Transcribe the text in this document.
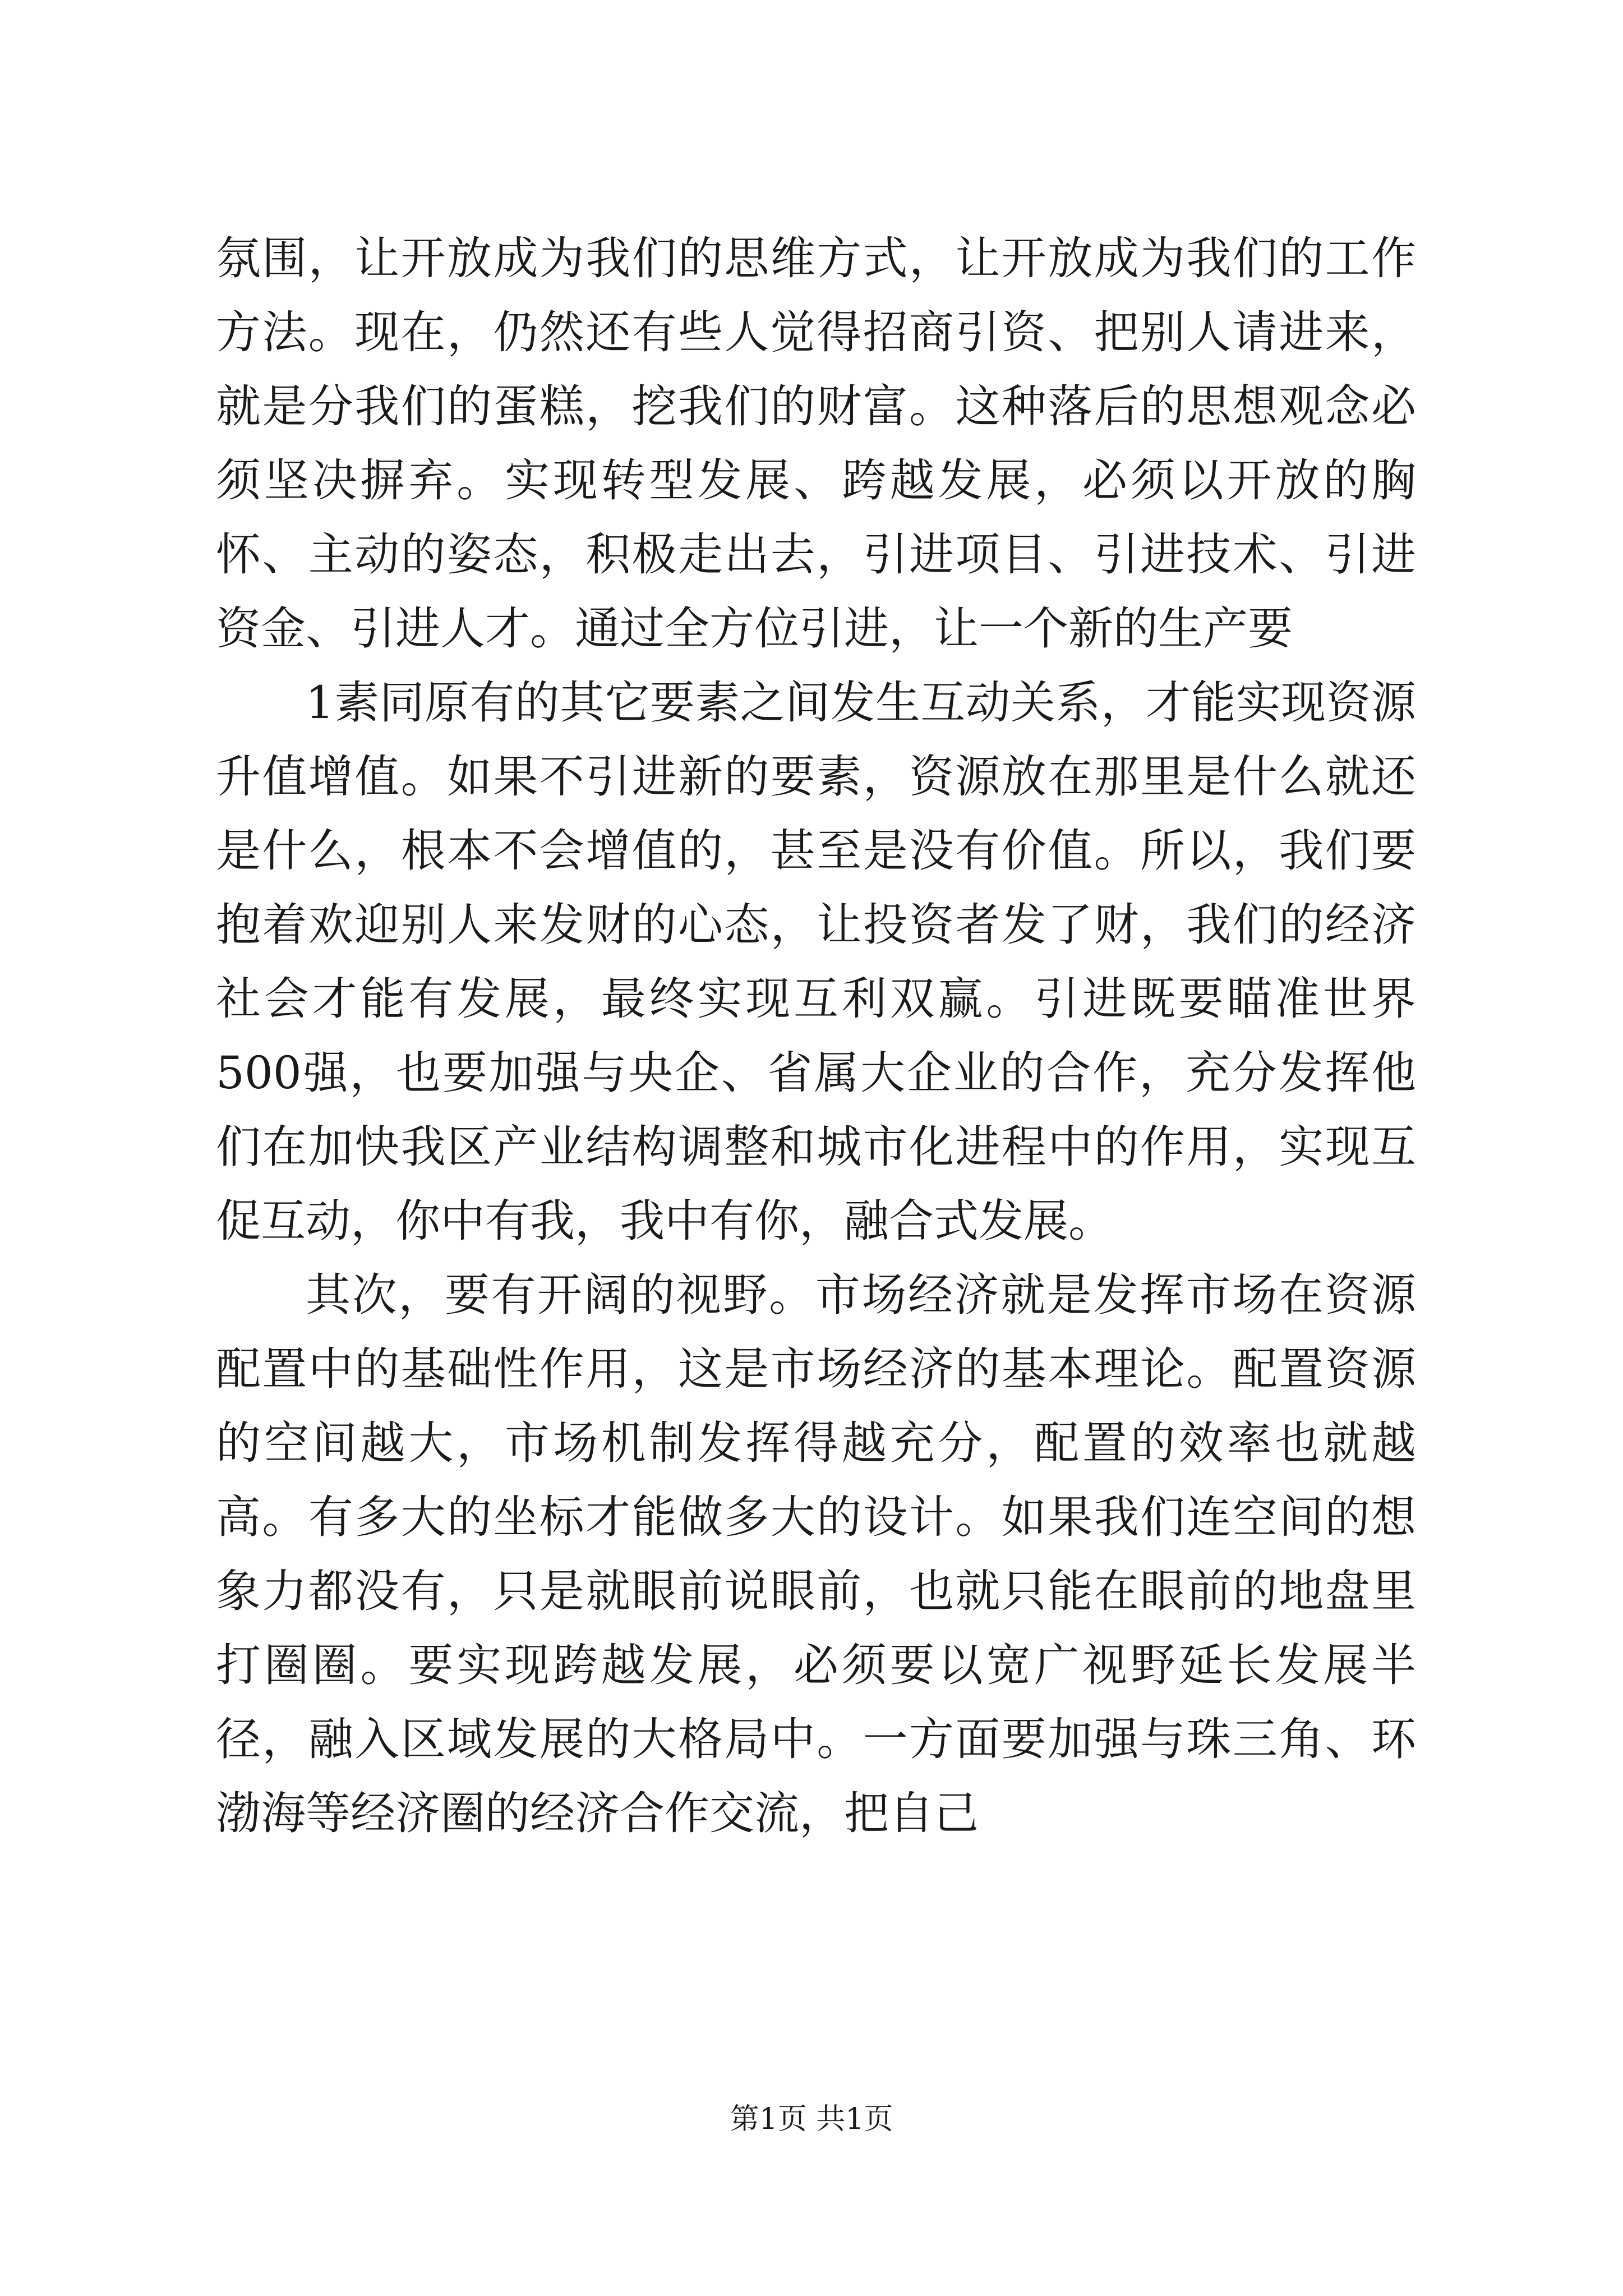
氛围，让开放成为我们的思维方式，让开放成为我们的工作方法。现在，仍然还有些人觉得招商引资、把别人请进来，就是分我们的蛋糕，挖我们的财富。这种落后的思想观念必须坚决摒弃。实现转型发展、跨越发展，必须以开放的胸怀、主动的姿态，积极走出去，引进项目、引进技术、引进资金、引进人才。通过全方位引进，让一个新的生产要

1素同原有的其它要素之间发生互动关系，才能实现资源升值增值。如果不引进新的要素，资源放在那里是什么就还是什么，根本不会增值的，甚至是没有价值。所以，我们要抱着欢迎别人来发财的心态，让投资者发了财，我们的经济社会才能有发展，最终实现互利双赢。引进既要瞄准世界500强，也要加强与央企、省属大企业的合作，充分发挥他们在加快我区产业结构调整和城市化进程中的作用，实现互促互动，你中有我，我中有你，融合式发展。

其次，要有开阔的视野。市场经济就是发挥市场在资源配置中的基础性作用，这是市场经济的基本理论。配置资源的空间越大，市场机制发挥得越充分，配置的效率也就越高。有多大的坐标才能做多大的设计。如果我们连空间的想象力都没有，只是就眼前说眼前，也就只能在眼前的地盘里打圈圈。要实现跨越发展，必须要以宽广视野延长发展半径，融入区域发展的大格局中。一方面要加强与珠三角、环渤海等经济圈的经济合作交流，把自己

第1页 共1页
